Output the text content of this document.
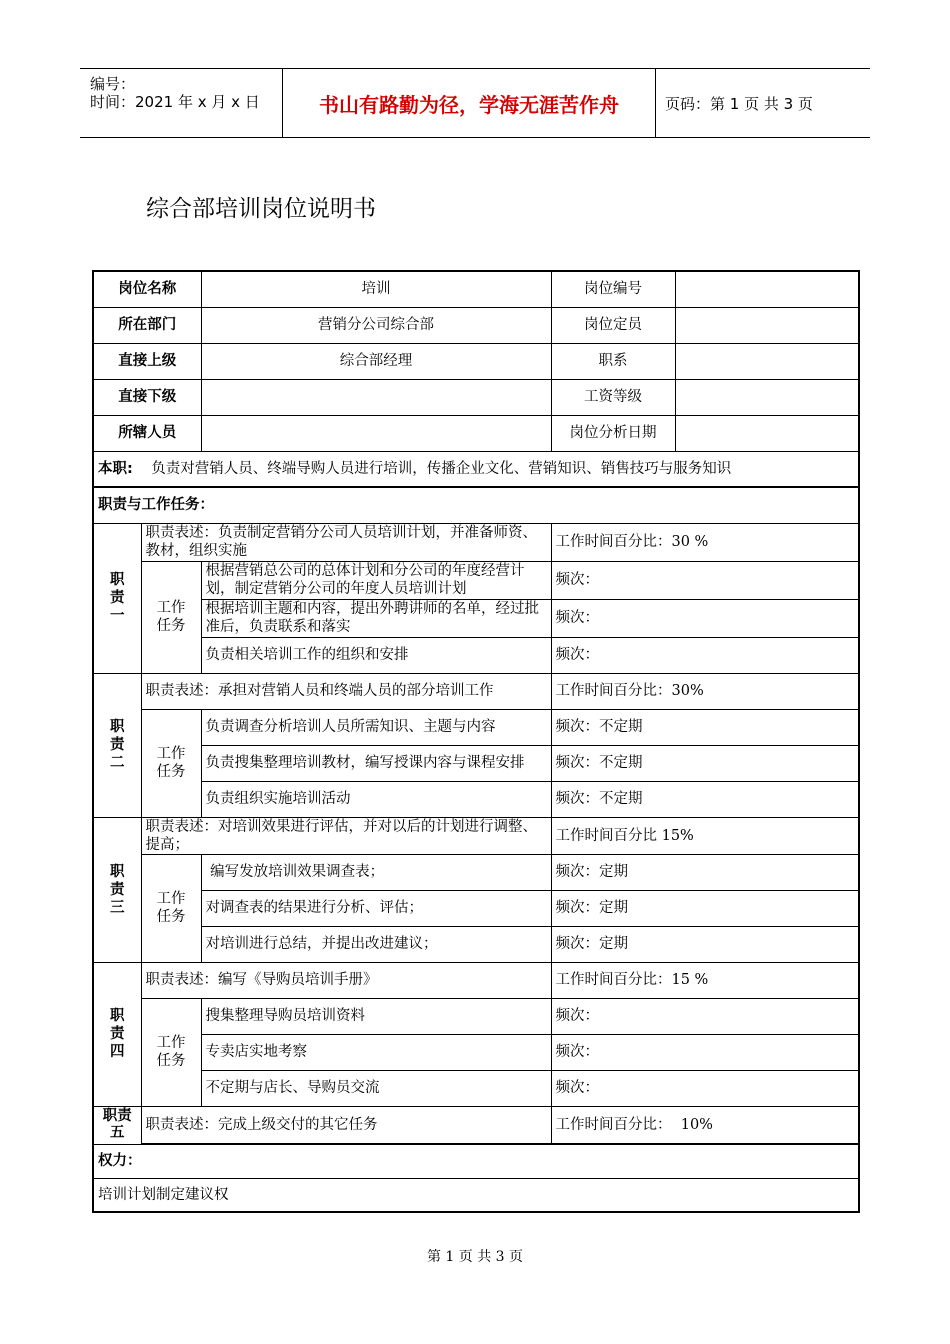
编号：
时间：2021 年 x 月 x 日	书山有路勤为径，学海无涯苦作舟	页码：第 1 页 共 3 页
综合部培训岗位说明书
岗位名称		培训	岗位编号	
所在部门		营销分公司综合部	岗位定员	
直接上级		综合部经理	职系	
直接下级			工资等级	
所辖人员			岗位分析日期	
本职: 负责对营销人员、终端导购人员进行培训，传播企业文化、营销知识、销售技巧与服务知识				
职责与工作任务：				
职责一	职责表述：负责制定营销分公司人员培训计划，并准备师资、教材，组织实施		工作时间百分比：30 %	
	工作任务	根据营销总公司的总体计划和分公司的年度经营计划，制定营销分公司的年度人员培训计划	频次：	
		根据培训主题和内容，提出外聘讲师的名单，经过批准后，负责联系和落实	频次：	
		负责相关培训工作的组织和安排	频次：	
职责二	职责表述：承担对营销人员和终端人员的部分培训工作		工作时间百分比：30%	
	工作任务	负责调查分析培训人员所需知识、主题与内容	频次：不定期	
		负责搜集整理培训教材，编写授课内容与课程安排	频次：不定期	
		负责组织实施培训活动	频次：不定期	
职责三	职责表述：对培训效果进行评估，并对以后的计划进行调整、提高；		工作时间百分比 15%	
	工作任务	编写发放培训效果调查表；	频次：定期	
		对调查表的结果进行分析、评估；	频次：定期	
		对培训进行总结，并提出改进建议；	频次：定期	
职责四	职责表述：编写《导购员培训手册》		工作时间百分比：15 %	
	工作任务	搜集整理导购员培训资料	频次：	
		专卖店实地考察	频次：	
		不定期与店长、导购员交流	频次：	
职责五	职责表述：完成上级交付的其它任务		工作时间百分比：  10%	
权力：				
培训计划制定建议权				
第 1 页 共 3 页
